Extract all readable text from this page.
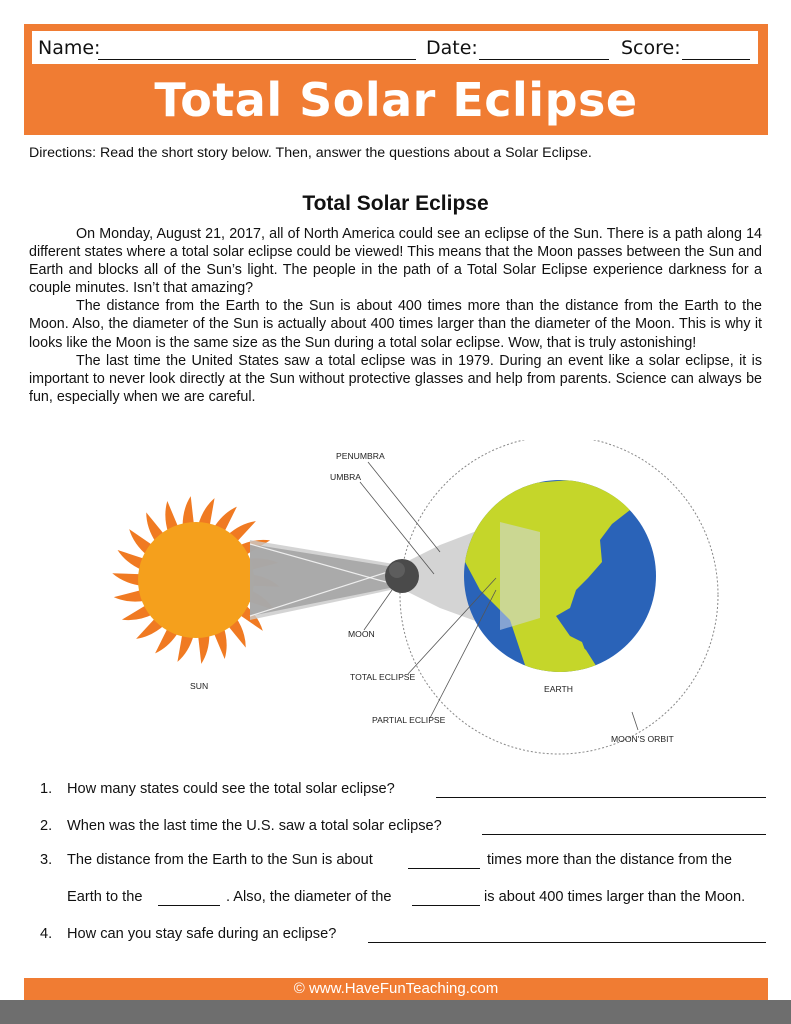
Name:	Date:	Score:
Total Solar Eclipse
Directions: Read the short story below. Then, answer the questions about a Solar Eclipse.
Total Solar Eclipse

On Monday, August 21, 2017, all of North America could see an eclipse of the Sun. There is a path along 14 different states where a total solar eclipse could be viewed! This means that the Moon passes between the Sun and Earth and blocks all of the Sun’s light. The people in the path of a Total Solar Eclipse experience darkness for a couple minutes. Isn’t that amazing?

The distance from the Earth to the Sun is about 400 times more than the distance from the Earth to the Moon. Also, the diameter of the Sun is actually about 400 times larger than the diameter of the Moon. This is why it looks like the Moon is the same size as the Sun during a total solar eclipse. Wow, that is truly astonishing!

The last time the United States saw a total eclipse was in 1979. During an event like a solar eclipse, it is important to never look directly at the Sun without protective glasses and help from parents. Science can always be fun, especially when we are careful.

PENUMBRA
UMBRA
MOON
SUN
TOTAL ECLIPSE
PARTIAL ECLIPSE
EARTH
MOON'S ORBIT
1. How many states could see the total solar eclipse?
2. When was the last time the U.S. saw a total solar eclipse?
3. The distance from the Earth to the Sun is about	times more than the distance from the
Earth to the	. Also, the diameter of the	is about 400 times larger than the Moon.
4. How can you stay safe during an eclipse?
© www.HaveFunTeaching.com
